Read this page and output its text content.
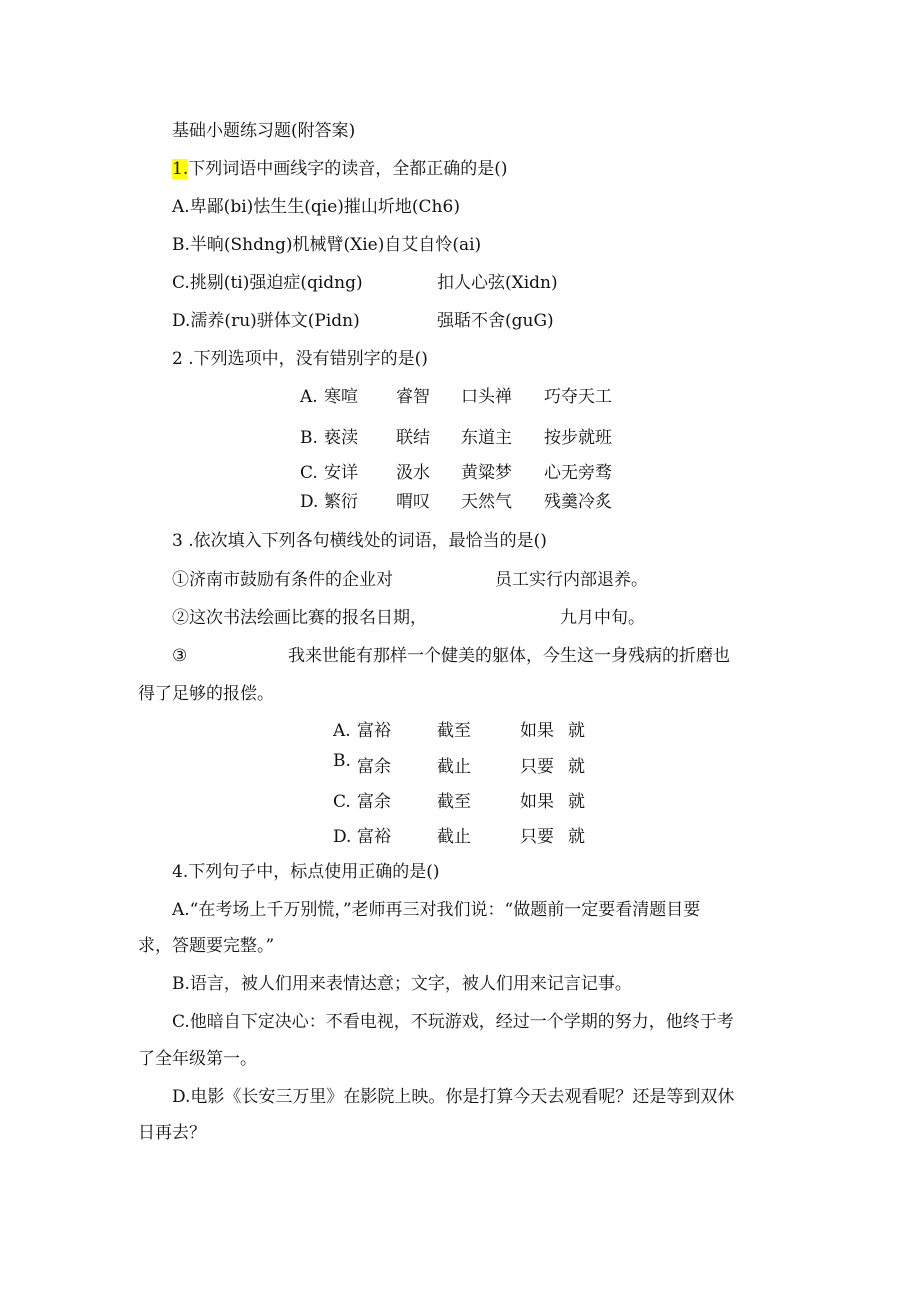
基础小题练习题(附答案)
1.下列词语中画线字的读音，全都正确的是()
A.卑鄙(bi)怯生生(qie)摧山圻地(Ch6)
B.半晌(Shdng)机械臂(Xie)自艾自怜(ai)
C.挑剔(ti)强迫症(qidng)	扣人心弦(Xidn)
D.濡养(ru)骈体文(Pidn)	强聒不舍(guG)
2 .下列选项中，没有错别字的是()
A. 寒喧 睿智 口头禅 巧夺天工
B. 亵渎 联结 东道主 按步就班
C. 安详 汲水 黄粱梦 心无旁骛
D. 繁衍 喟叹 天然气 残羹冷炙
3 .依次填入下列各句横线处的词语，最恰当的是()
①济南市鼓励有条件的企业对	员工实行内部退养。
②这次书法绘画比赛的报名日期，	九月中旬。
③	我来世能有那样一个健美的躯体，今生这一身残病的折磨也
得了足够的报偿。
A. 富裕	截至	如果 就
B. 富余	截止	只要 就
C. 富余	截至	如果 就
D. 富裕	截止	只要 就
4.下列句子中，标点使用正确的是()
A.“在考场上千万别慌，”老师再三对我们说：“做题前一定要看清题目要
求，答题要完整。”
B.语言，被人们用来表情达意；文字，被人们用来记言记事。
C.他暗自下定决心：不看电视，不玩游戏，经过一个学期的努力，他终于考
了全年级第一。
D.电影《长安三万里》在影院上映。你是打算今天去观看呢？还是等到双休
日再去？
